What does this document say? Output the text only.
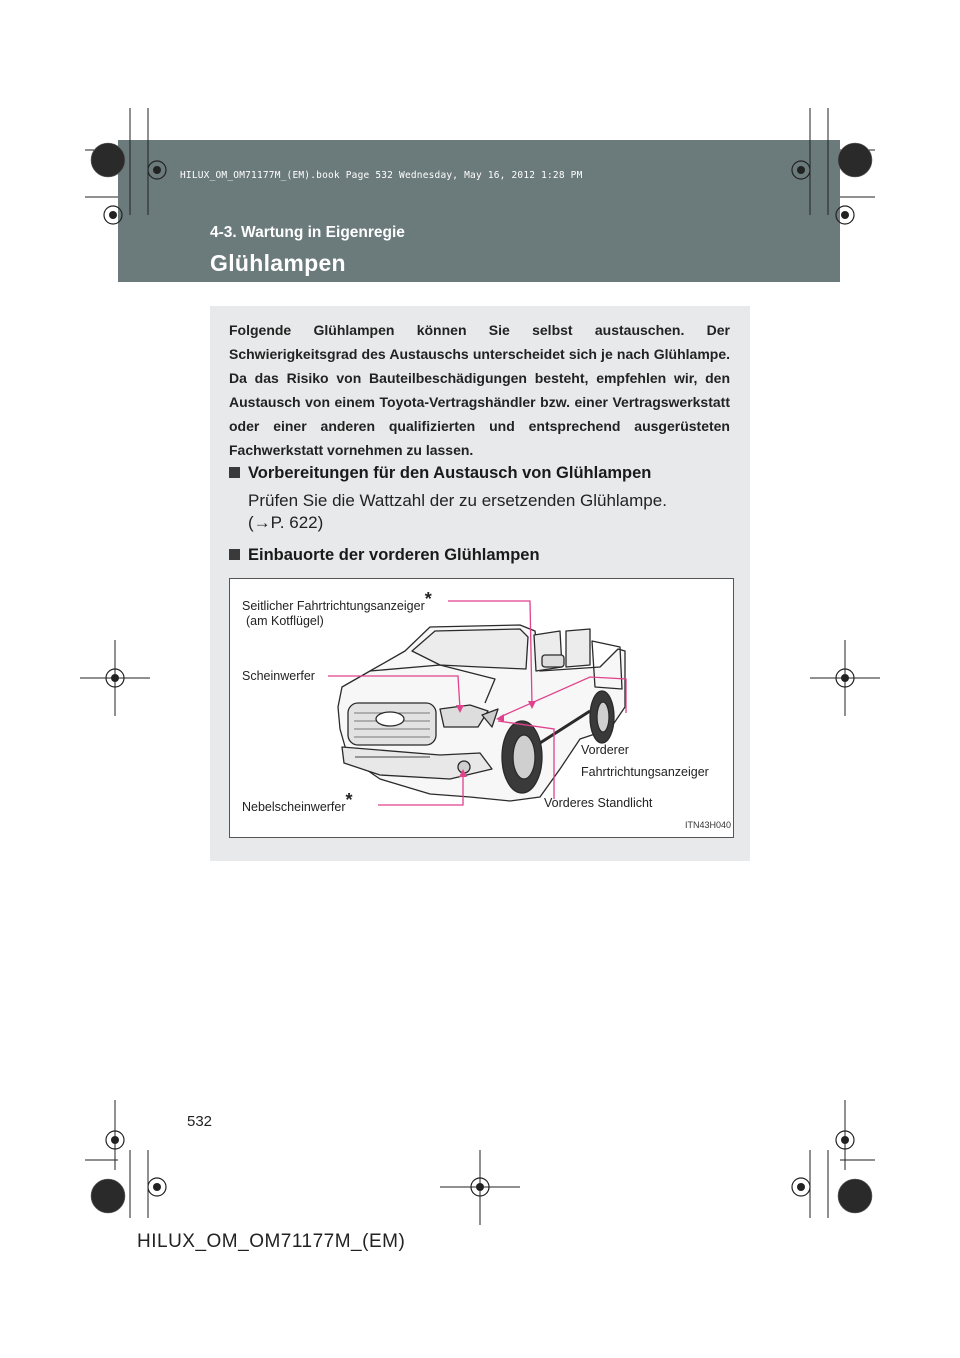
HILUX_OM_OM71177M_(EM).book Page 532 Wednesday, May 16, 2012 1:28 PM
4-3. Wartung in Eigenregie
Glühlampen
Folgende Glühlampen können Sie selbst austauschen. Der Schwierigkeitsgrad des Austauschs unterscheidet sich je nach Glühlampe. Da das Risiko von Bauteilbeschädigungen besteht, empfehlen wir, den Austausch von einem Toyota-Vertragshändler bzw. einer Vertragswerkstatt oder einer anderen qualifizierten und entsprechend ausgerüsteten Fachwerkstatt vornehmen zu lassen.
Vorbereitungen für den Austausch von Glühlampen
Prüfen Sie die Wattzahl der zu ersetzenden Glühlampe.
(→P. 622)
Einbauorte der vorderen Glühlampen
Seitlicher Fahrtrichtungsanzeiger*
(am Kotflügel)
Scheinwerfer
Vorderer
Fahrtrichtungsanzeiger
Nebelscheinwerfer*	Vorderes Standlicht
ITN43H040
532
HILUX_OM_OM71177M_(EM)
